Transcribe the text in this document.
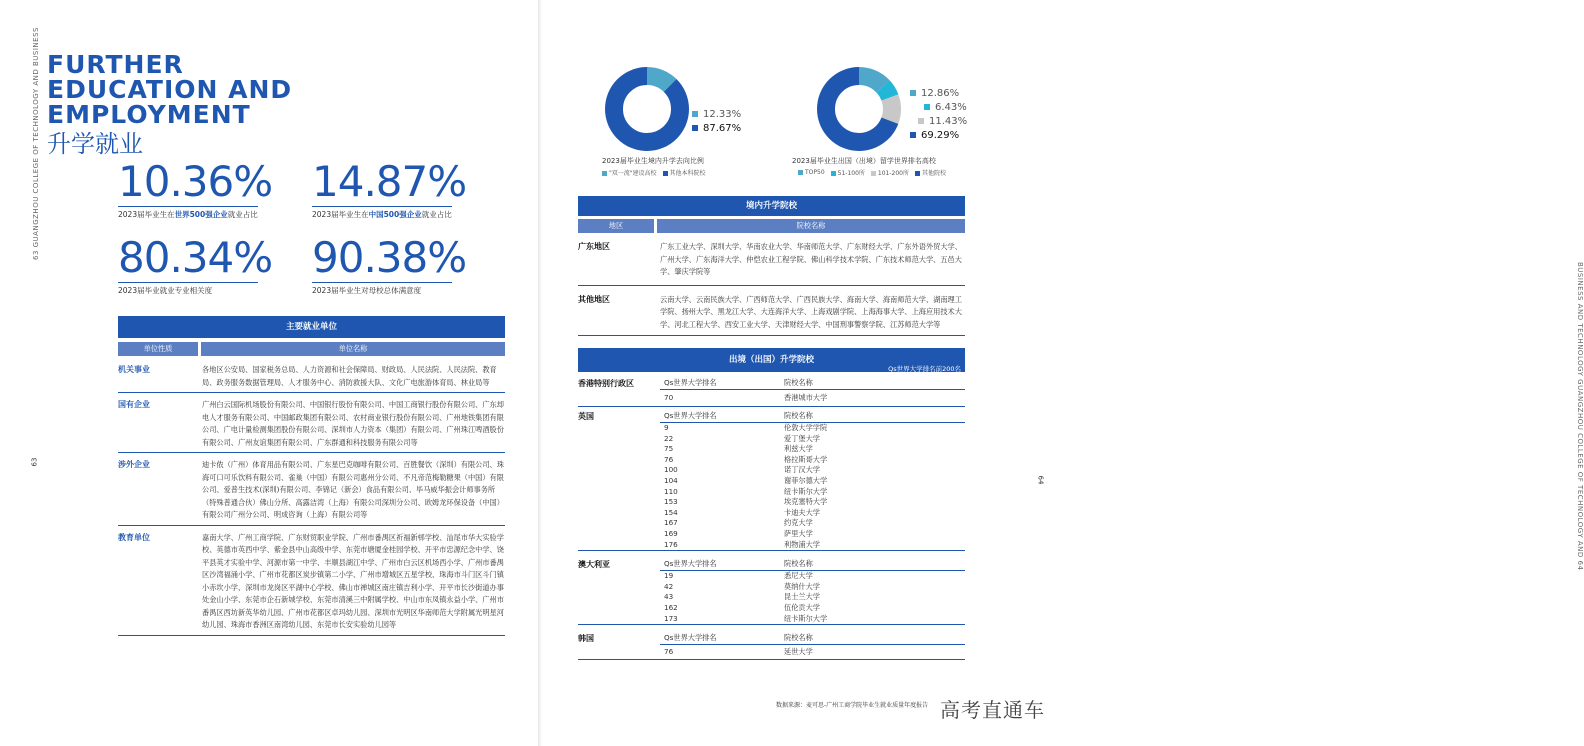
63 GUANGZHOU COLLEGE OF TECHNOLOGY AND BUSINESS FURTHER
EDUCATION AND
EMPLOYMENT
升学就业
10.36%
2023届毕业生在世界500强企业就业占比
14.87%
2023届毕业生在中国500强企业就业占比
80.34%
2023届毕业就业专业相关度
90.38%
2023届毕业生对母校总体满意度
主要就业单位
单位性质	单位名称
机关事业	各地区公安局、国家税务总局、人力资源和社会保障局、财政局、人民法院、人民法院、教育局、政务服务数据管理局、人才服务中心、消防救援大队、文化广电旅游体育局、林业局等
国有企业	广州白云国际机场股份有限公司、中国银行股份有限公司、中国工商银行股份有限公司、广东却电人才服务有限公司、中国邮政集团有限公司、农村商业银行股份有限公司、广州地铁集团有限公司、广电计量检测集团股份有限公司、深圳市人力资本（集团）有限公司、广州珠江啤酒股份有限公司、广州友谊集团有限公司、广东群通和科技服务有限公司等
涉外企业	迪卡侬（广州）体育用品有限公司、广东星巴克咖啡有限公司、百胜餐饮（深圳）有限公司、珠海可口可乐饮料有限公司、雀巢（中国）有限公司惠州分公司、不凡帝范梅勒糖果（中国）有限公司、爱普生技术(深圳)有限公司、李锦记（新会）食品有限公司、毕马威华振会计师事务所（特殊普通合伙）佛山分所、高露洁湾（上海）有限公司深圳分公司、欧姆龙环保设备（中国）有限公司广州分公司、明成咨询（上海）有限公司等
教育单位	嘉南大学、广州工商学院、广东财贸职业学院、广州市番禺区祈福新邨学校、汕尾市华大实验学校、英德市英西中学、紫金县中山高级中学、东莞市塘厦金桂园学校、开平市忠源纪念中学、饶平县英才实验中学、河源市第一中学、丰顺县湖江中学、广州市白云区机场西小学、广州市番禺区沙湾福涌小学、广州市花都区炭步镇第二小学、广州市增城区五星学校、珠海市斗门区斗门镇小赤坎小学、深圳市龙岗区平湖中心学校、佛山市禅城区南庄镇吉利小学、开平市长沙街道办事处金山小学、东莞市企石新城学校、东莞市清溪三中附属学校、中山市东凤镇永益小学、广州市番禺区西坊新英华幼儿园、广州市花都区卓玛幼儿园、深圳市光明区华南师范大学附属光明星河幼儿园、珠海市香洲区南湾幼儿园、东莞市长安实验幼儿园等
63	BUSINESS AND TECHNOLOGY GUANGZHOU COLLEGE OF TECHNOLOGY AND 64
12.33%
87.67%
2023届毕业生境内升学去向比例
"双一流"建设高校	其他本科院校
12.86%
6.43%
11.43%
69.29%
2023届毕业生出国（出境）留学世界排名高校
TOP50	51-100所	101-200所	其他院校
境内升学院校
地区	院校名称
广东地区	广东工业大学、深圳大学、华南农业大学、华南师范大学、广东财经大学、广东外语外贸大学、广州大学、广东海洋大学、仲恺农业工程学院、佛山科学技术学院、广东技术师范大学、五邑大学、肇庆学院等
其他地区	云南大学、云南民族大学、广西师范大学、广西民族大学、海南大学、海南师范大学、湖南理工学院、扬州大学、黑龙江大学、大连海洋大学、上海戏剧学院、上海海事大学、上海应用技术大学、河北工程大学、西安工业大学、天津财经大学、中国刑事警察学院、江苏师范大学等
出境（出国）升学院校
Qs世界大学排名前200名
香港特别行政区	Qs世界大学排名	院校名称
70	香港城市大学
英国	Qs世界大学排名	院校名称
9	伦敦大学学院
22	爱丁堡大学
75	利兹大学
76	格拉斯哥大学
100	诺丁汉大学
104	谢菲尔德大学
110	纽卡斯尔大学
153	埃克塞特大学
154	卡迪夫大学
167	约克大学
169	萨里大学
176	利物浦大学
澳大利亚	Qs世界大学排名	院校名称
19	悉尼大学
42	莫纳什大学
43	昆士兰大学
162	伍伦贡大学
173	纽卡斯尔大学
韩国	Qs世界大学排名	院校名称
76	延世大学
数据来源：麦可思-广州工商学院毕业生就业质量年度报告
64
高考直通车
